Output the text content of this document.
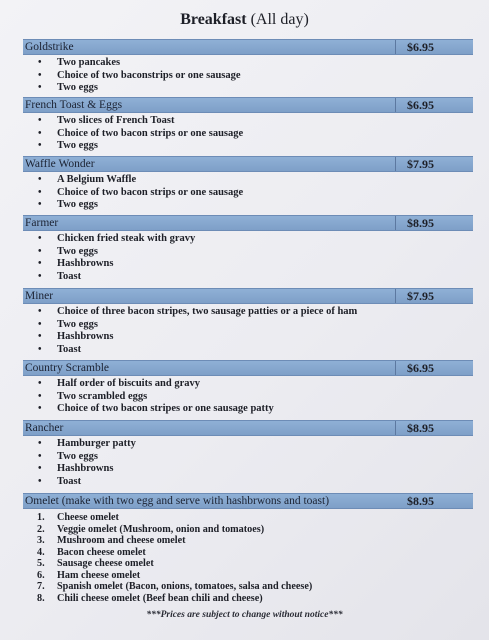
Breakfast (All day)
Goldstrike	$6.95
• Two pancakes
• Choice of two baconstrips or one sausage
• Two eggs
French Toast & Eggs	$6.95
• Two slices of French Toast
• Choice of two bacon strips or one sausage
• Two eggs
Waffle Wonder	$7.95
• A Belgium Waffle
• Choice of two bacon strips or one sausage
• Two eggs
Farmer	$8.95
• Chicken fried steak with gravy
• Two eggs
• Hashbrowns
• Toast
Miner	$7.95
• Choice of three bacon stripes, two sausage patties or a piece of ham
• Two eggs
• Hashbrowns
• Toast
Country Scramble	$6.95
• Half order of biscuits and gravy
• Two scrambled eggs
• Choice of two bacon stripes or one sausage patty
Rancher	$8.95
• Hamburger patty
• Two eggs
• Hashbrowns
• Toast
Omelet (make with two egg and serve with hashbrwons and toast)	$8.95
1. Cheese omelet
2. Veggie omelet (Mushroom, onion and tomatoes)
3. Mushroom and cheese omelet
4. Bacon cheese omelet
5. Sausage cheese omelet
6. Ham cheese omelet
7. Spanish omelet (Bacon, onions, tomatoes, salsa and cheese)
8. Chili cheese omelet (Beef bean chili and cheese)
***Prices are subject to change without notice***
